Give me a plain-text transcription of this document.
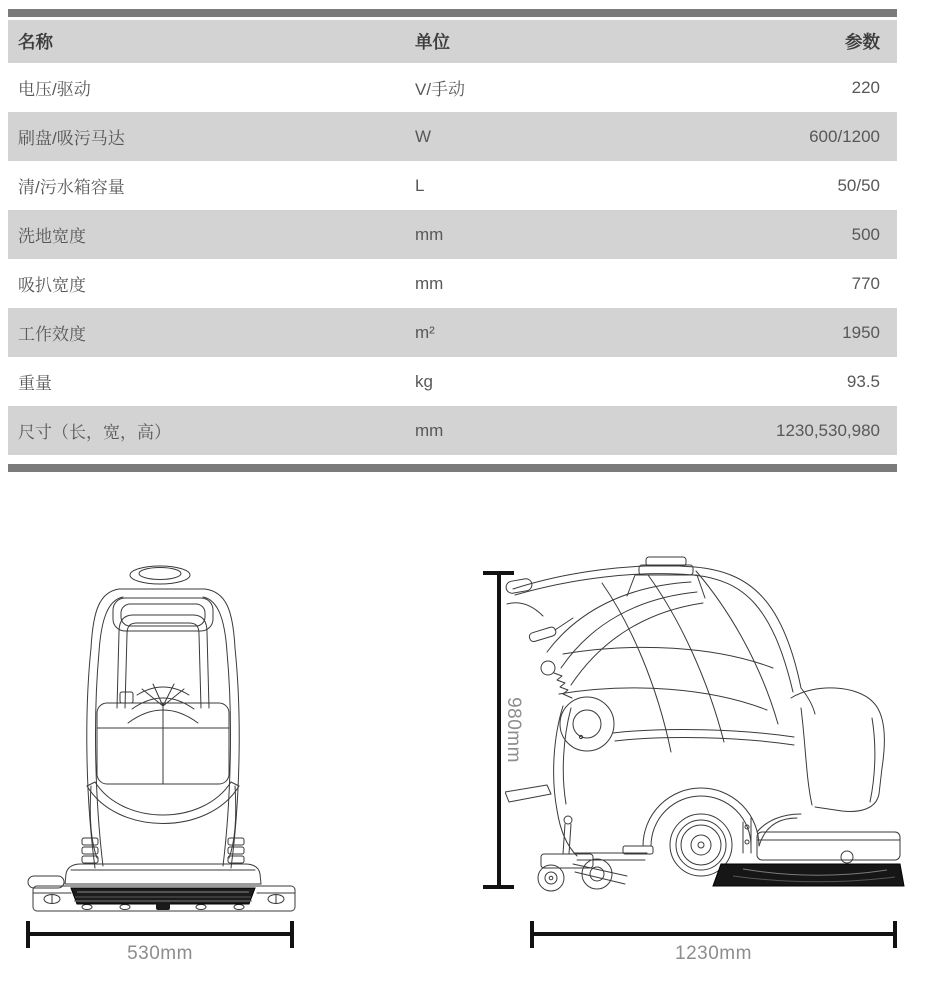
名称	单位	参数
电压/驱动	V/手动	220
刷盘/吸污马达	W	600/1200
清/污水箱容量	L	50/50
洗地宽度	mm	500
吸扒宽度	mm	770
工作效度	m²	1950
重量	kg	93.5
尺寸（长，宽，高）	mm	1230,530,980
980mm
530mm	1230mm
